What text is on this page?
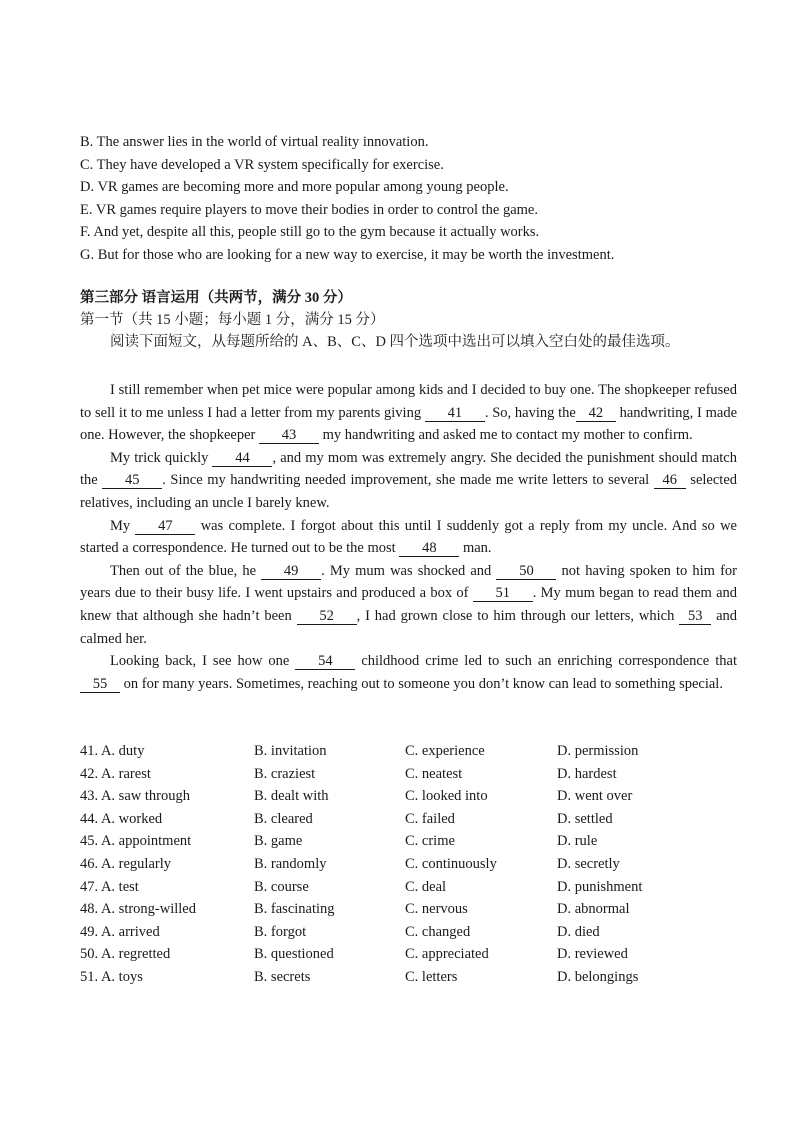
B. The answer lies in the world of virtual reality innovation.
C. They have developed a VR system specifically for exercise.
D. VR games are becoming more and more popular among young people.
E. VR games require players to move their bodies in order to control the game.
F. And yet, despite all this, people still go to the gym because it actually works.
G. But for those who are looking for a new way to exercise, it may be worth the investment.
第三部分 语言运用（共两节，满分 30 分）
第一节（共 15 小题；每小题 1 分，满分 15 分）
阅读下面短文，从每题所给的 A、B、C、D 四个选项中选出可以填入空白处的最佳选项。

I still remember when pet mice were popular among kids and I decided to buy one. The shopkeeper refused to sell it to me unless I had a letter from my parents giving 41 . So, having the 42 handwriting, I made one. However, the shopkeeper 43 my handwriting and asked me to contact my mother to confirm.

My trick quickly 44 , and my mom was extremely angry. She decided the punishment should match the 45 . Since my handwriting needed improvement, she made me write letters to several 46 selected relatives, including an uncle I barely knew.

My 47 was complete. I forgot about this until I suddenly got a reply from my uncle. And so we started a correspondence. He turned out to be the most 48 man.

Then out of the blue, he 49 . My mum was shocked and 50 not having spoken to him for years due to their busy life. I went upstairs and produced a box of 51 . My mum began to read them and knew that although she hadn’t been 52 , I had grown close to him through our letters, which 53 and calmed her.

Looking back, I see how one 54 childhood crime led to such an enriching correspondence that 55 on for many years. Sometimes, reaching out to someone you don’t know can lead to something special.

41. A. duty	B. invitation	C. experience	D. permission
42. A. rarest	B. craziest	C. neatest	D. hardest
43. A. saw through	B. dealt with	C. looked into	D. went over
44. A. worked	B. cleared	C. failed	D. settled
45. A. appointment	B. game	C. crime	D. rule
46. A. regularly	B. randomly	C. continuously	D. secretly
47. A. test	B. course	C. deal	D. punishment
48. A. strong-willed	B. fascinating	C. nervous	D. abnormal
49. A. arrived	B. forgot	C. changed	D. died
50. A. regretted	B. questioned	C. appreciated	D. reviewed
51. A. toys	B. secrets	C. letters	D. belongings
